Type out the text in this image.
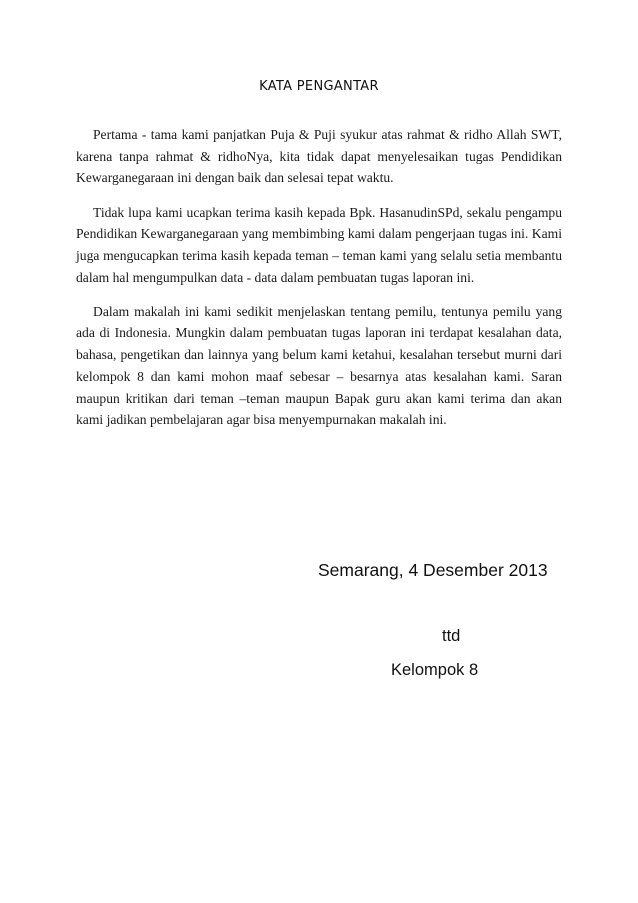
KATA PENGANTAR

Pertama - tama kami panjatkan Puja & Puji syukur atas rahmat & ridho Allah SWT, karena tanpa rahmat & ridhoNya, kita tidak dapat menyelesaikan tugas Pendidikan Kewarganegaraan ini dengan baik dan selesai tepat waktu.

Tidak lupa kami ucapkan terima kasih kepada Bpk. HasanudinSPd, sekalu pengampu Pendidikan Kewarganegaraan yang membimbing kami dalam pengerjaan tugas ini. Kami juga mengucapkan terima kasih kepada teman – teman kami yang selalu setia membantu dalam hal mengumpulkan data - data dalam pembuatan tugas laporan ini.

Dalam makalah ini kami sedikit menjelaskan tentang pemilu, tentunya pemilu yang ada di Indonesia. Mungkin dalam pembuatan tugas laporan ini terdapat kesalahan data, bahasa, pengetikan dan lainnya yang belum kami ketahui, kesalahan tersebut murni dari kelompok 8 dan kami mohon maaf sebesar – besarnya atas kesalahan kami. Saran maupun kritikan dari teman –teman maupun Bapak guru akan kami terima dan akan kami jadikan pembelajaran agar bisa menyempurnakan makalah ini.

Semarang, 4 Desember 2013
ttd
Kelompok 8
